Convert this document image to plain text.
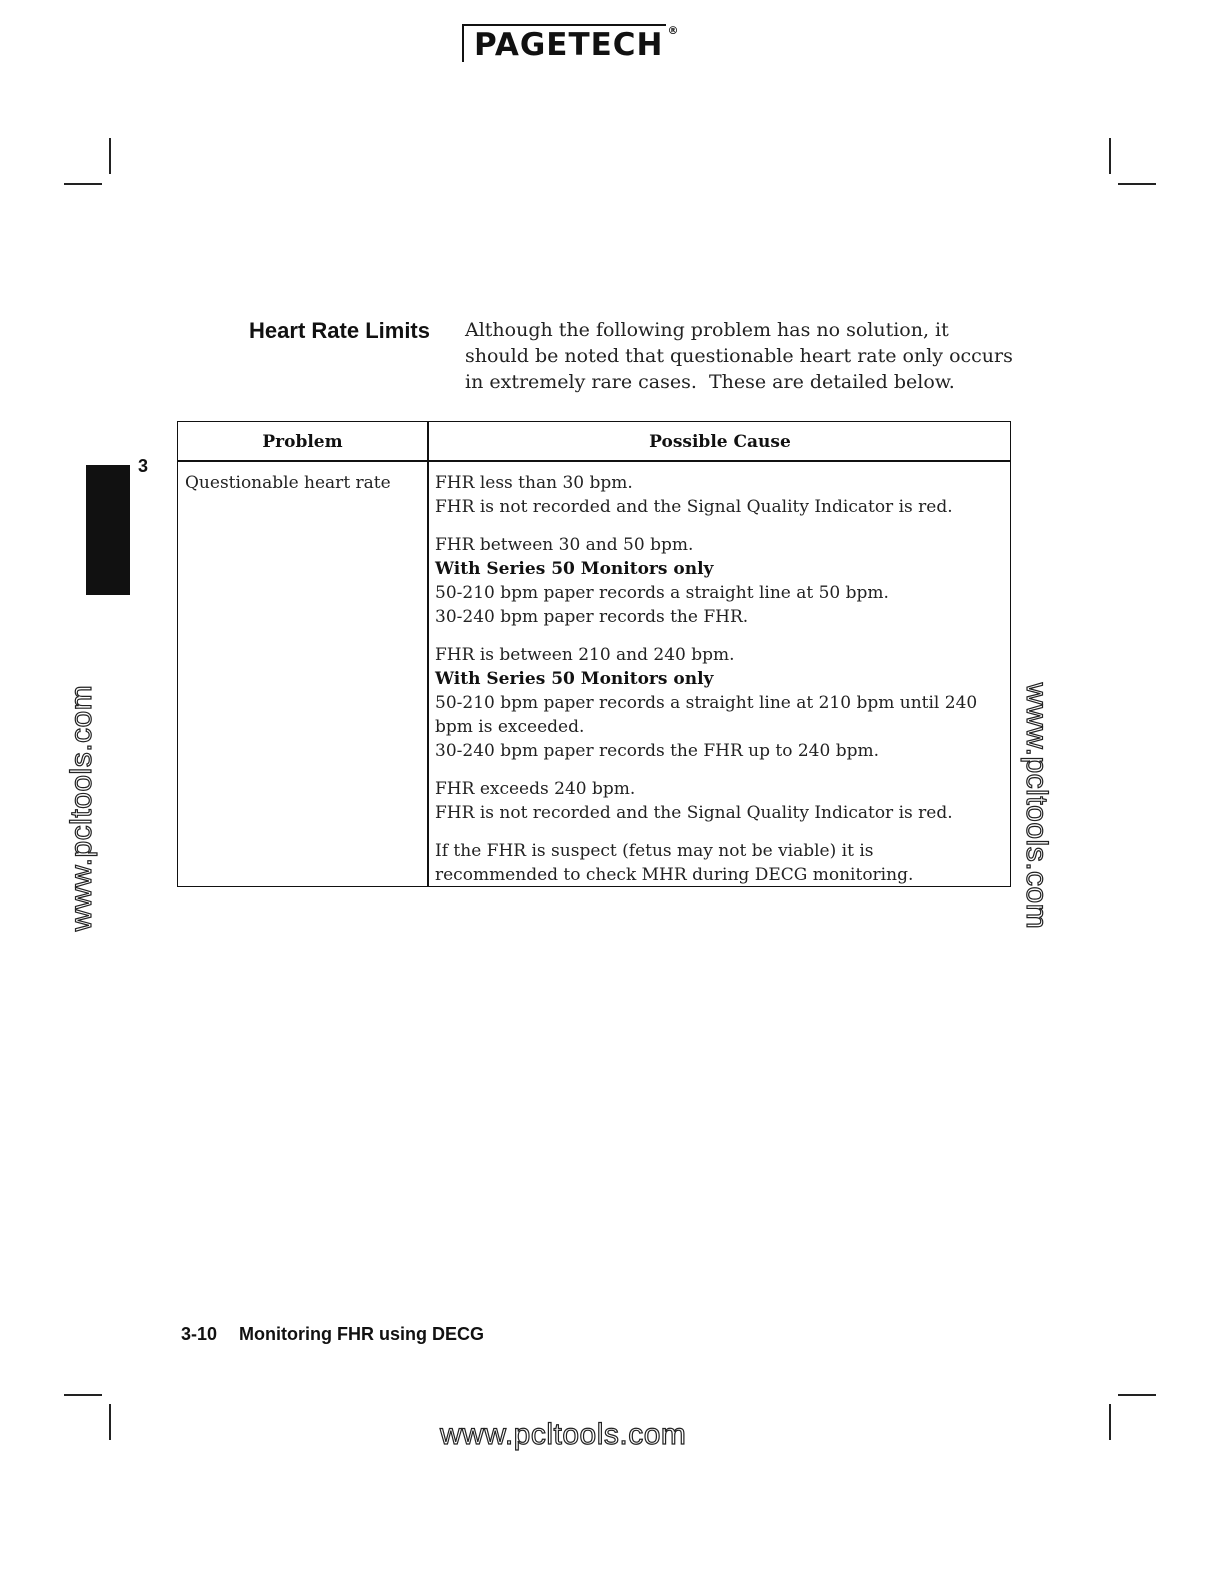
PAGETECH ®
Heart Rate Limits Although the following problem has no solution, it
should be noted that questionable heart rate only occurs
in extremely rare cases.  These are detailed below.
Problem	Possible Cause
Questionable heart rate	FHR less than 30 bpm.
FHR is not recorded and the Signal Quality Indicator is red.
FHR between 30 and 50 bpm.
With Series 50 Monitors only
50-210 bpm paper records a straight line at 50 bpm.
30-240 bpm paper records the FHR.
FHR is between 210 and 240 bpm.
With Series 50 Monitors only
50-210 bpm paper records a straight line at 210 bpm until 240
bpm is exceeded.
30-240 bpm paper records the FHR up to 240 bpm.
FHR exceeds 240 bpm.
FHR is not recorded and the Signal Quality Indicator is red.
If the FHR is suspect (fetus may not be viable) it is
recommended to check MHR during DECG monitoring.
3
www.pcltools.com	www.pcltools.com
www.pcltools.com
3-10 Monitoring FHR using DECG
